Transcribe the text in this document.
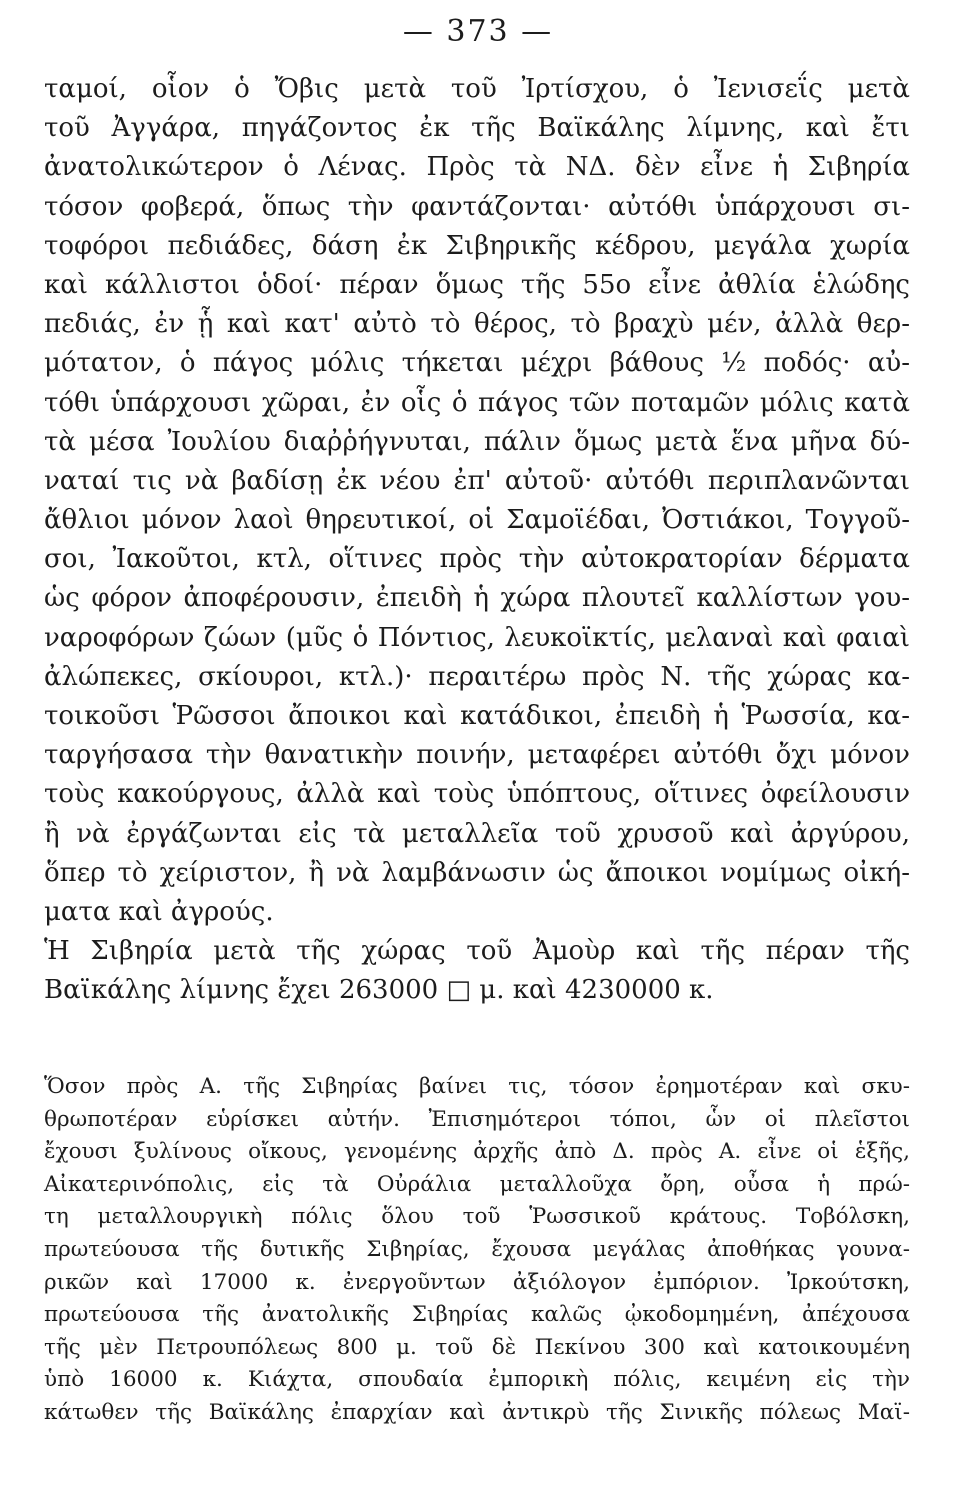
— 373 —
ταμοί, οἷον ὁ Ὄβις μετὰ τοῦ Ἰρτίσχου, ὁ Ἰενισεΐς μετὰ
τοῦ Ἀγγάρα, πηγάζοντος ἐκ τῆς Βαϊκάλης λίμνης, καὶ ἔτι
ἀνατολικώτερον ὁ Λένας. Πρὸς τὰ ΝΔ. δὲν εἶνε ἡ Σιβηρία
τόσον φοβερά, ὅπως τὴν φαντάζονται· αὐτόθι ὑπάρχουσι σι-
τοφόροι πεδιάδες, δάση ἐκ Σιβηρικῆς κέδρου, μεγάλα χωρία
καὶ κάλλιστοι ὁδοί· πέραν ὅμως τῆς 55ο εἶνε ἀθλία ἑλώδης
πεδιάς, ἐν ᾗ καὶ κατ' αὐτὸ τὸ θέρος, τὸ βραχὺ μέν, ἀλλὰ θερ-
μότατον, ὁ πάγος μόλις τήκεται μέχρι βάθους ½ ποδός· αὐ-
τόθι ὑπάρχουσι χῶραι, ἐν οἷς ὁ πάγος τῶν ποταμῶν μόλις κατὰ
τὰ μέσα Ἰουλίου διαῤῥήγνυται, πάλιν ὅμως μετὰ ἕνα μῆνα δύ-
ναταί τις νὰ βαδίσῃ ἐκ νέου ἐπ' αὐτοῦ· αὐτόθι περιπλανῶνται
ἄθλιοι μόνον λαοὶ θηρευτικοί, οἱ Σαμοϊέδαι, Ὀστιάκοι, Τογγοῦ-
σοι, Ἰακοῦτοι, κτλ, οἵτινες πρὸς τὴν αὐτοκρατορίαν δέρματα
ὡς φόρον ἀποφέρουσιν, ἐπειδὴ ἡ χώρα πλουτεῖ καλλίστων γου-
ναροφόρων ζώων (μῦς ὁ Πόντιος, λευκοϊκτίς, μελαναὶ καὶ φαιαὶ
ἀλώπεκες, σκίουροι, κτλ.)· περαιτέρω πρὸς Ν. τῆς χώρας κα-
τοικοῦσι Ῥῶσσοι ἄποικοι καὶ κατάδικοι, ἐπειδὴ ἡ Ῥωσσία, κα-
ταργήσασα τὴν θανατικὴν ποινήν, μεταφέρει αὐτόθι ὄχι μόνον
τοὺς κακούργους, ἀλλὰ καὶ τοὺς ὑπόπτους, οἵτινες ὀφείλουσιν
ἢ νὰ ἐργάζωνται εἰς τὰ μεταλλεῖα τοῦ χρυσοῦ καὶ ἀργύρου,
ὅπερ τὸ χείριστον, ἢ νὰ λαμβάνωσιν ὡς ἄποικοι νομίμως οἰκή-
ματα καὶ ἀγρούς.
Ἡ Σιβηρία μετὰ τῆς χώρας τοῦ Ἀμοὺρ καὶ τῆς πέραν τῆς
Βαϊκάλης λίμνης ἔχει 263000 □ μ. καὶ 4230000 κ.
Ὅσον πρὸς Α. τῆς Σιβηρίας βαίνει τις, τόσον ἐρημοτέραν καὶ σκυ-
θρωποτέραν εὑρίσκει αὐτήν. Ἐπισημότεροι τόποι, ὧν οἱ πλεῖστοι
ἔχουσι ξυλίνους οἴκους, γενομένης ἀρχῆς ἀπὸ Δ. πρὸς Α. εἶνε οἱ ἑξῆς,
Αἰκατερινόπολις, εἰς τὰ Οὐράλια μεταλλοῦχα ὄρη, οὖσα ἡ πρώ-
τη μεταλλουργικὴ πόλις ὅλου τοῦ Ῥωσσικοῦ κράτους. Τοβόλσκη,
πρωτεύουσα τῆς δυτικῆς Σιβηρίας, ἔχουσα μεγάλας ἀποθήκας γουνα-
ρικῶν καὶ 17000 κ. ἐνεργοῦντων ἀξιόλογον ἐμπόριον. Ἰρκούτσκη,
πρωτεύουσα τῆς ἀνατολικῆς Σιβηρίας καλῶς ᾠκοδομημένη, ἀπέχουσα
τῆς μὲν Πετρουπόλεως 800 μ. τοῦ δὲ Πεκίνου 300 καὶ κατοικουμένη
ὑπὸ 16000 κ. Κιάχτα, σπουδαία ἐμπορικὴ πόλις, κειμένη εἰς τὴν
κάτωθεν τῆς Βαϊκάλης ἐπαρχίαν καὶ ἀντικρὺ τῆς Σινικῆς πόλεως Μαϊ-
